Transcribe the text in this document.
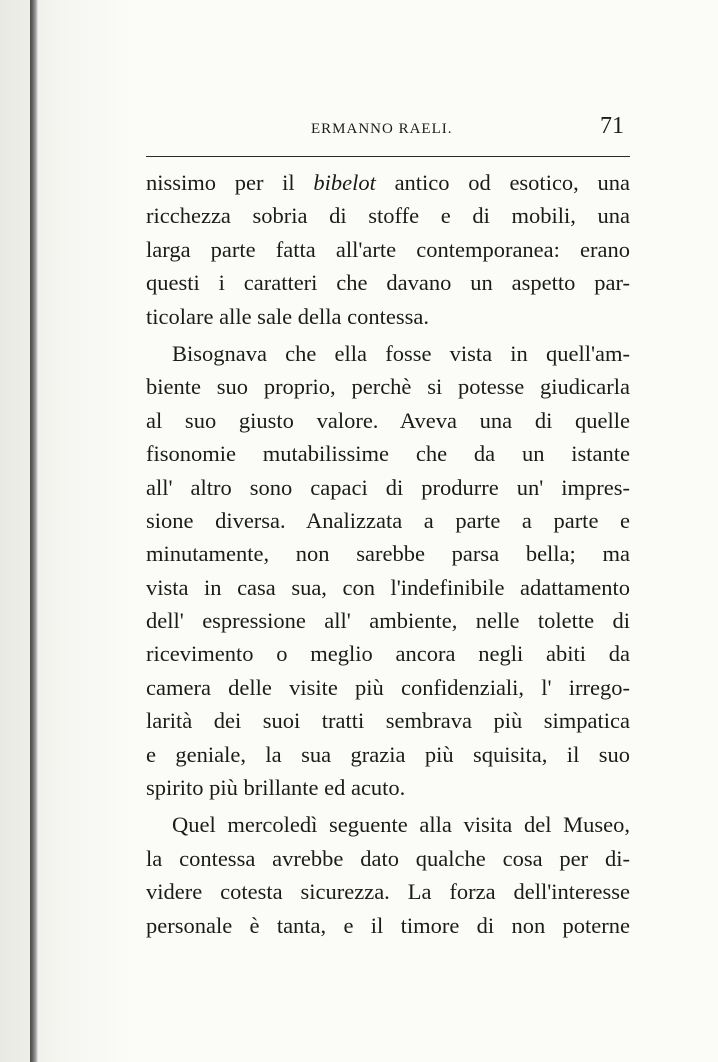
ERMANNO RAELI.	71
nissimo per il bibelot antico od esotico, una
ricchezza sobria di stoffe e di mobili, una
larga parte fatta all'arte contemporanea: erano
questi i caratteri che davano un aspetto par-
ticolare alle sale della contessa.
Bisognava che ella fosse vista in quell'am-
biente suo proprio, perchè si potesse giudicarla
al suo giusto valore. Aveva una di quelle
fisonomie mutabilissime che da un istante
all' altro sono capaci di produrre un' impres-
sione diversa. Analizzata a parte a parte e
minutamente, non sarebbe parsa bella; ma
vista in casa sua, con l'indefinibile adattamento
dell' espressione all' ambiente, nelle tolette di
ricevimento o meglio ancora negli abiti da
camera delle visite più confidenziali, l' irrego-
larità dei suoi tratti sembrava più simpatica
e geniale, la sua grazia più squisita, il suo
spirito più brillante ed acuto.
Quel mercoledì seguente alla visita del Museo,
la contessa avrebbe dato qualche cosa per di-
videre cotesta sicurezza. La forza dell'interesse
personale è tanta, e il timore di non poterne
